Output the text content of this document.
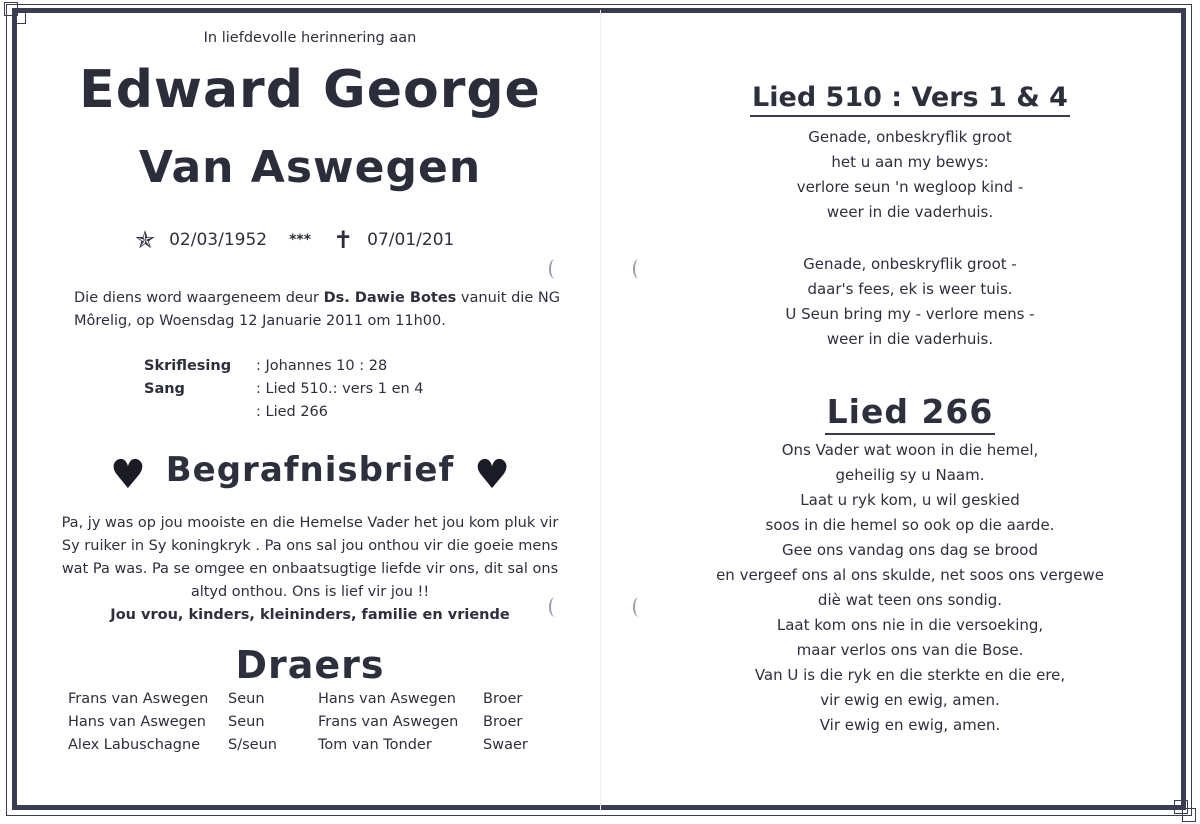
In liefdevolle herinnering aan
Edward George
Van Aswegen
✯ 02/03/1952 *** ✝ 07/01/201
Die diens word waargeneem deur Ds. Dawie Botes vanuit die NG Môrelig, op Woensdag 12 Januarie 2011 om 11h00.
Skriflesing	: Johannes 10 : 28
Sang	: Lied 510.: vers 1 en 4
: Lied 266
♥ Begrafnisbrief ♥
Pa, jy was op jou mooiste en die Hemelse Vader het jou kom pluk vir
Sy ruiker in Sy koningkryk . Pa ons sal jou onthou vir die goeie mens
wat Pa was. Pa se omgee en onbaatsugtige liefde vir ons, dit sal ons
altyd onthou. Ons is lief vir jou !!
Jou vrou, kinders, kleininders, familie en vriende
Draers
Frans van Aswegen	Seun	Hans van Aswegen	Broer
Hans van Aswegen	Seun	Frans van Aswegen	Broer
Alex Labuschagne	S/seun	Tom van Tonder	Swaer
Lied 510 : Vers 1 & 4
Genade, onbeskryflik groot
het u aan my bewys:
verlore seun 'n wegloop kind -
weer in die vaderhuis.
Genade, onbeskryflik groot -
daar's fees, ek is weer tuis.
U Seun bring my - verlore mens -
weer in die vaderhuis.
Lied 266
Ons Vader wat woon in die hemel,
geheilig sy u Naam.
Laat u ryk kom, u wil geskied
soos in die hemel so ook op die aarde.
Gee ons vandag ons dag se brood
en vergeef ons al ons skulde, net soos ons vergewe
diè wat teen ons sondig.
Laat kom ons nie in die versoeking,
maar verlos ons van die Bose.
Van U is die ryk en die sterkte en die ere,
vir ewig en ewig, amen.
Vir ewig en ewig, amen.
